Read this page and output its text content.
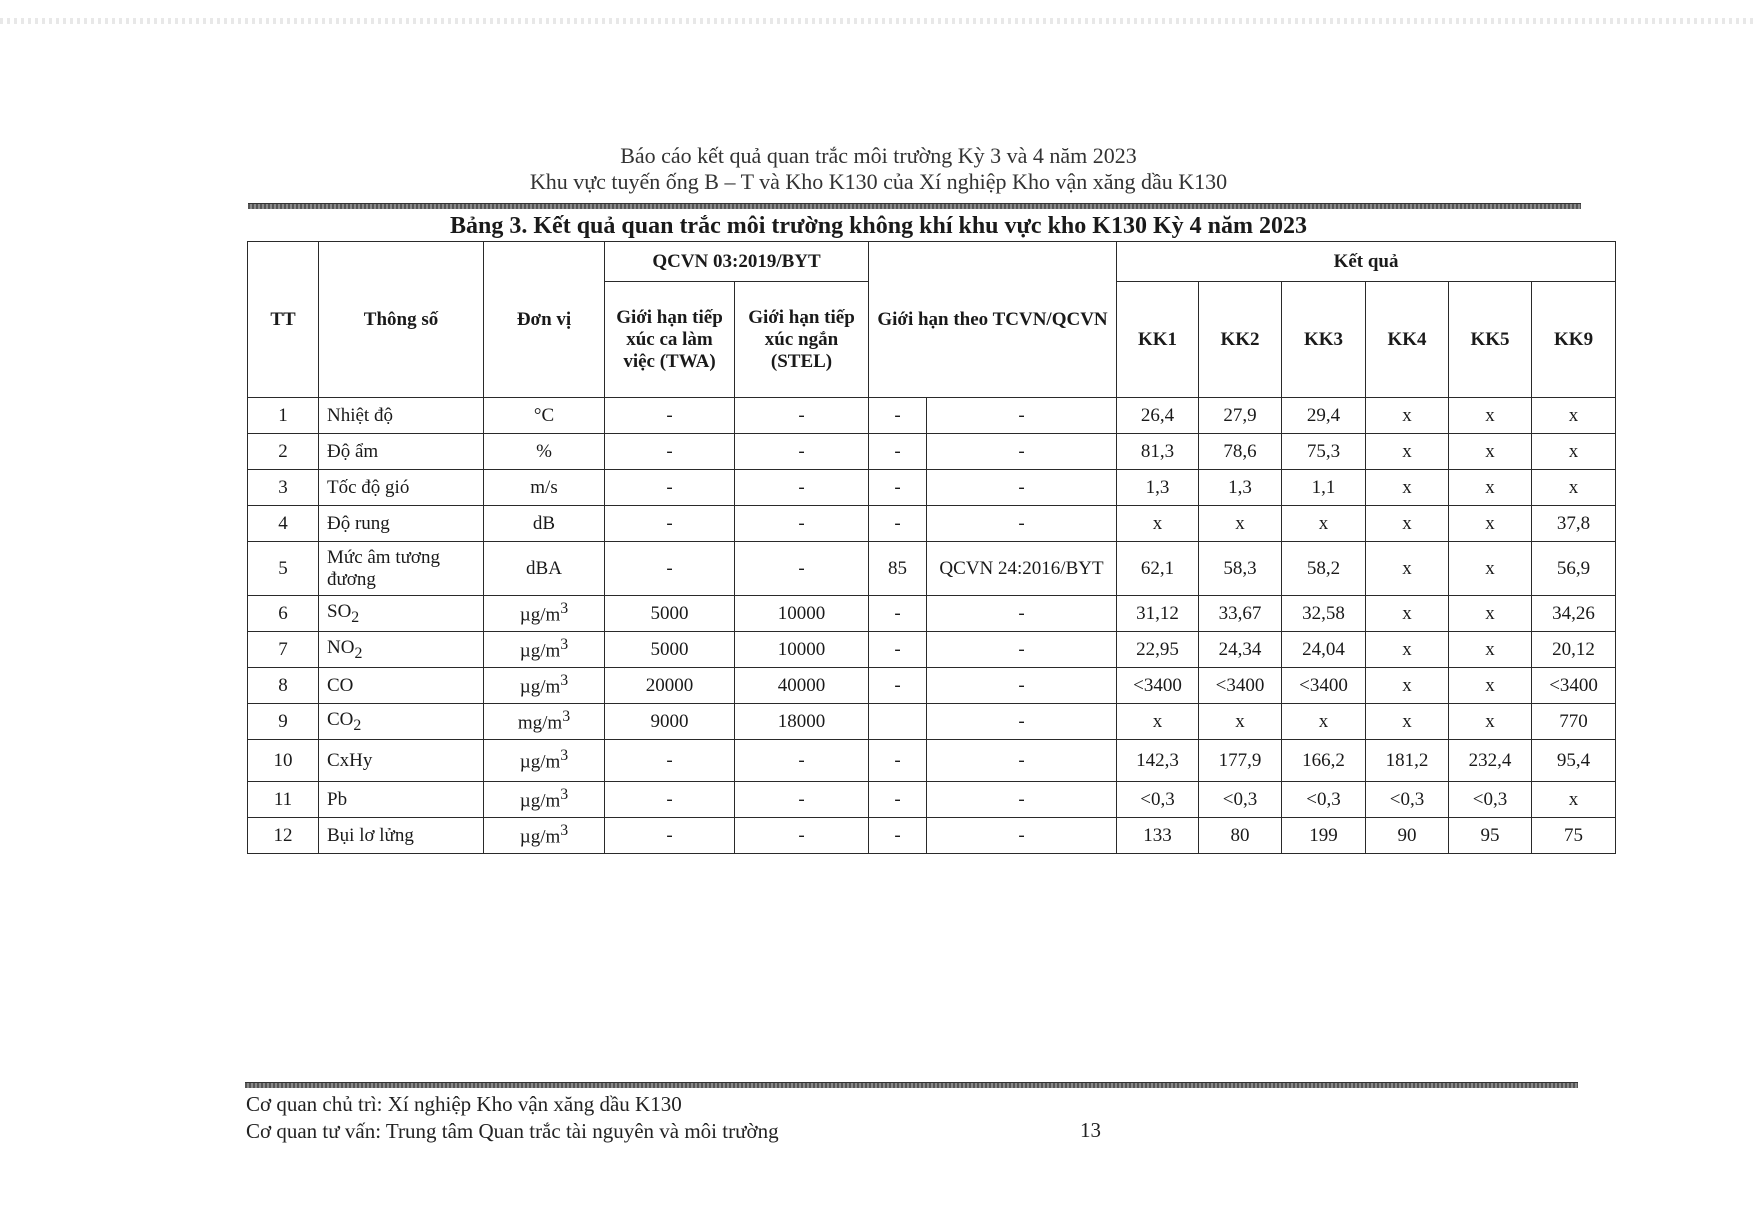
Báo cáo kết quả quan trắc môi trường Kỳ 3 và 4 năm 2023
Khu vực tuyến ống B – T và Kho K130 của Xí nghiệp Kho vận xăng dầu K130
Bảng 3. Kết quả quan trắc môi trường không khí khu vực kho K130 Kỳ 4 năm 2023
TT	Thông số	Đơn vị	QCVN 03:2019/BYT		Giới hạn theo TCVN/QCVN		Kết quả					
			Giới hạn tiếp xúc ca làm việc (TWA)	Giới hạn tiếp xúc ngắn (STEL)			KK1	KK2	KK3	KK4	KK5	KK9
1	Nhiệt độ	°C	-	-	-	-	26,4	27,9	29,4	x	x	x
2	Độ ẩm	%	-	-	-	-	81,3	78,6	75,3	x	x	x
3	Tốc độ gió	m/s	-	-	-	-	1,3	1,3	1,1	x	x	x
4	Độ rung	dB	-	-	-	-	x	x	x	x	x	37,8
5	Mức âm tương đương	dBA	-	-	85	QCVN 24:2016/BYT	62,1	58,3	58,2	x	x	56,9
6	$SO_2$	$\mu g/m^3$	5000	10000	-	-	31,12	33,67	32,58	x	x	34,26
7	$NO_2$	$\mu g/m^3$	5000	10000	-	-	22,95	24,34	24,04	x	x	20,12
8	CO	$\mu g/m^3$	20000	40000	-	-	<3400	<3400	<3400	x	x	<3400
9	$CO_2$	$mg/m^3$	9000	18000		-	x	x	x	x	x	770
10	CxHy	$\mu g/m^3$	-	-	-	-	142,3	177,9	166,2	181,2	232,4	95,4
11	Pb	$\mu g/m^3$	-	-	-	-	<0,3	<0,3	<0,3	<0,3	<0,3	x
12	Bụi lơ lửng	$\mu g/m^3$	-	-	-	-	133	80	199	90	95	75
Cơ quan chủ trì: Xí nghiệp Kho vận xăng dầu K130
Cơ quan tư vấn: Trung tâm Quan trắc tài nguyên và môi trường	13
